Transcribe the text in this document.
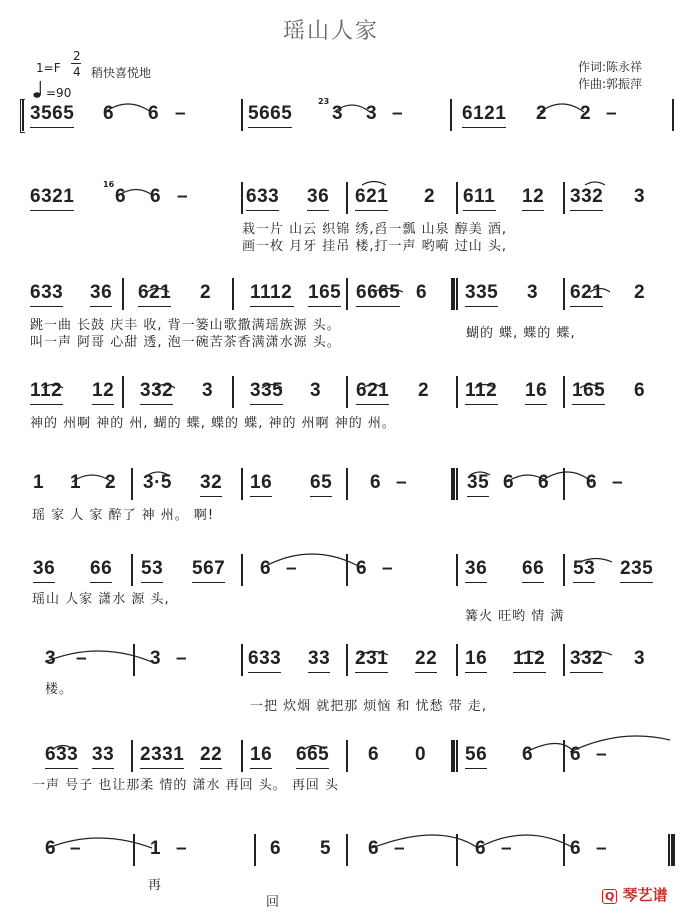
瑶山人家
1=F
2
4 稍快喜悦地
=90
作词:陈永祥
作曲:郭振萍
3565 6 6 –	5665 3 3 –	6121 2 2 –
23
6321 6 6 –	633 36 621 2 611 12 332 3
16
栽一片 山云 织锦 绣,舀一瓢 山泉 醇美 酒,
画一枚 月牙 挂吊 楼,打一声 哟嗬 过山 头,
633 36 621 2 1112 165 6665 6 335 3 621 2
跳一曲 长鼓 庆丰 收, 背一篓山歌撒满瑶族源 头。
叫一声 阿哥 心甜 透, 泡一碗苦茶香满潇水源 头。
蝴的 蝶, 蝶的 蝶,
112 12 332 3 335 3 621 2 112 16 165 6
神的 州啊 神的 州, 蝴的 蝶, 蝶的 蝶, 神的 州啊 神的 州。
1 1 2 3·5 32 16 65 6 –	35 6 6 6 –
瑶 家 人 家 醉了 神 州。 啊!
36 66 53 567 6 –	6 –	36 66 53 235
瑶山 人家 潇水 源 头,
篝火 旺哟 情 满
3 –	3 –	633 33 231 22 16 112 332 3
楼。
一把 炊烟 就把那 烦恼 和 忧愁 带 走,
633 33 2331 22 16 665 6 0 56 6 6 –
一声 号子 也让那柔 情的 潇水 再回 头。 再回 头
6 –	1 –	6 5 6 –	6 –	6 –
再
回	Q 琴艺谱
